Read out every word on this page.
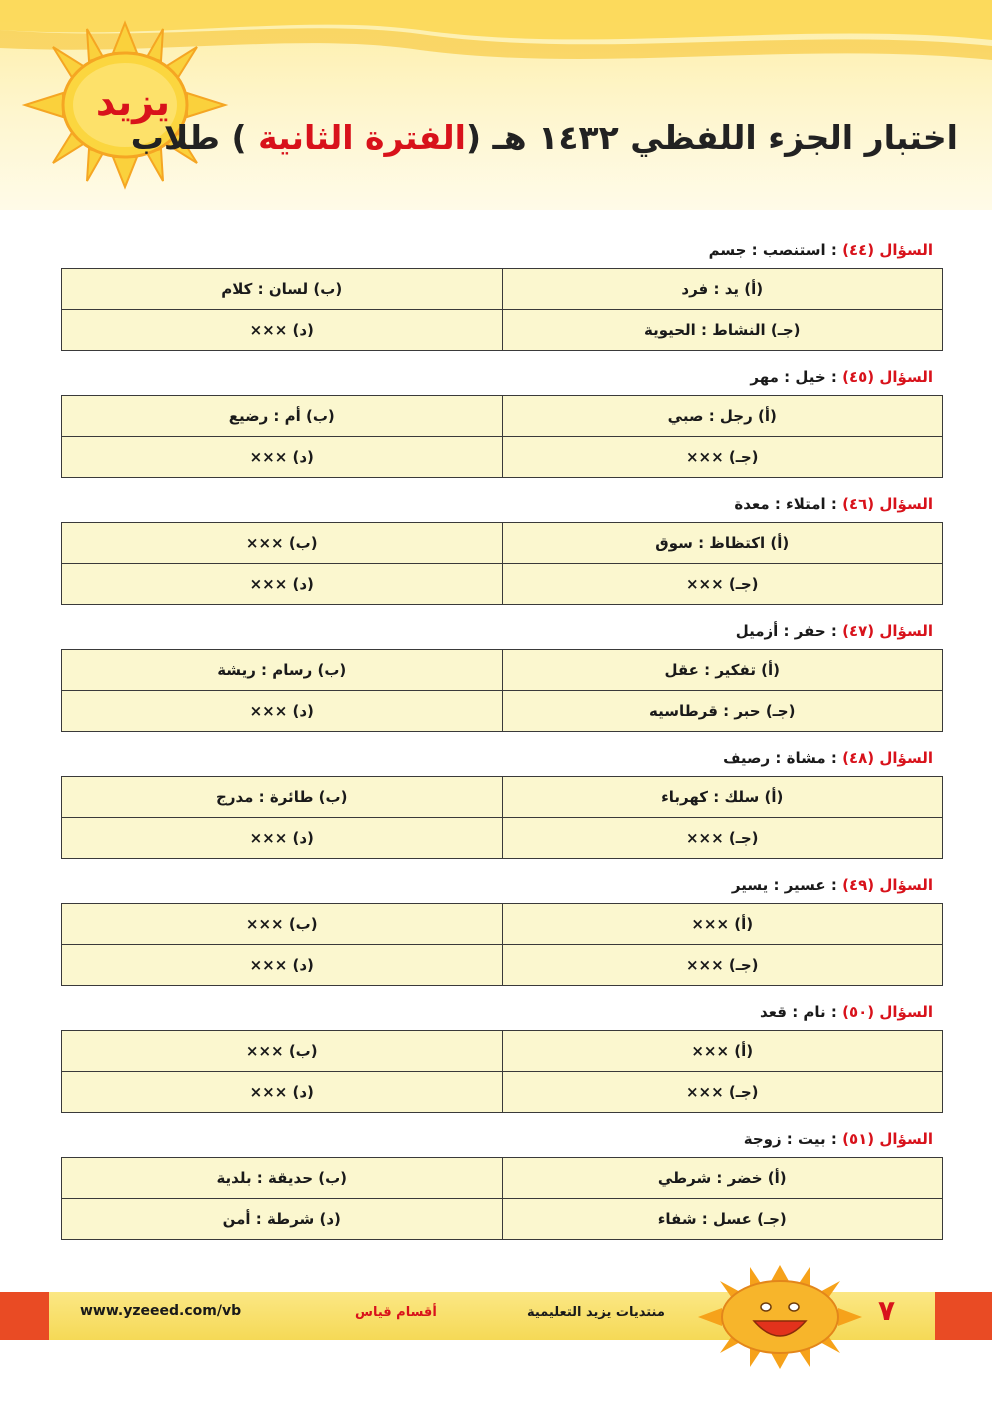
يزيد
اختبار الجزء اللفظي ١٤٣٢ هـ (الفترة الثانية ) طلاب
السؤال (٤٤) : استنصب : جسم
(أ) يد : فرد	(ب) لسان : كلام
(جـ) النشاط : الحيوية	(د) ×××
السؤال (٤٥) : خيل : مهر
(أ) رجل : صبي	(ب) أم : رضيع
(جـ) ×××	(د) ×××
السؤال (٤٦) : امتلاء : معدة
(أ) اكتظاظ : سوق	(ب) ×××
(جـ) ×××	(د) ×××
السؤال (٤٧) : حفر : أزميل
(أ) تفكير : عقل	(ب) رسام : ريشة
(جـ) حبر : قرطاسيه	(د) ×××
السؤال (٤٨) : مشاة : رصيف
(أ) سلك : كهرباء	(ب) طائرة : مدرج
(جـ) ×××	(د) ×××
السؤال (٤٩) : عسير : يسير
(أ) ×××	(ب) ×××
(جـ) ×××	(د) ×××
السؤال (٥٠) : نام : قعد
(أ) ×××	(ب) ×××
(جـ) ×××	(د) ×××
السؤال (٥١) : بيت : زوجة
(أ) خضر : شرطي	(ب) حديقة : بلدية
(جـ) عسل : شفاء	(د) شرطة : أمن
www.yzeeed.com/vb	أقسام قياس	منتديات يزيد التعليمية	٧
